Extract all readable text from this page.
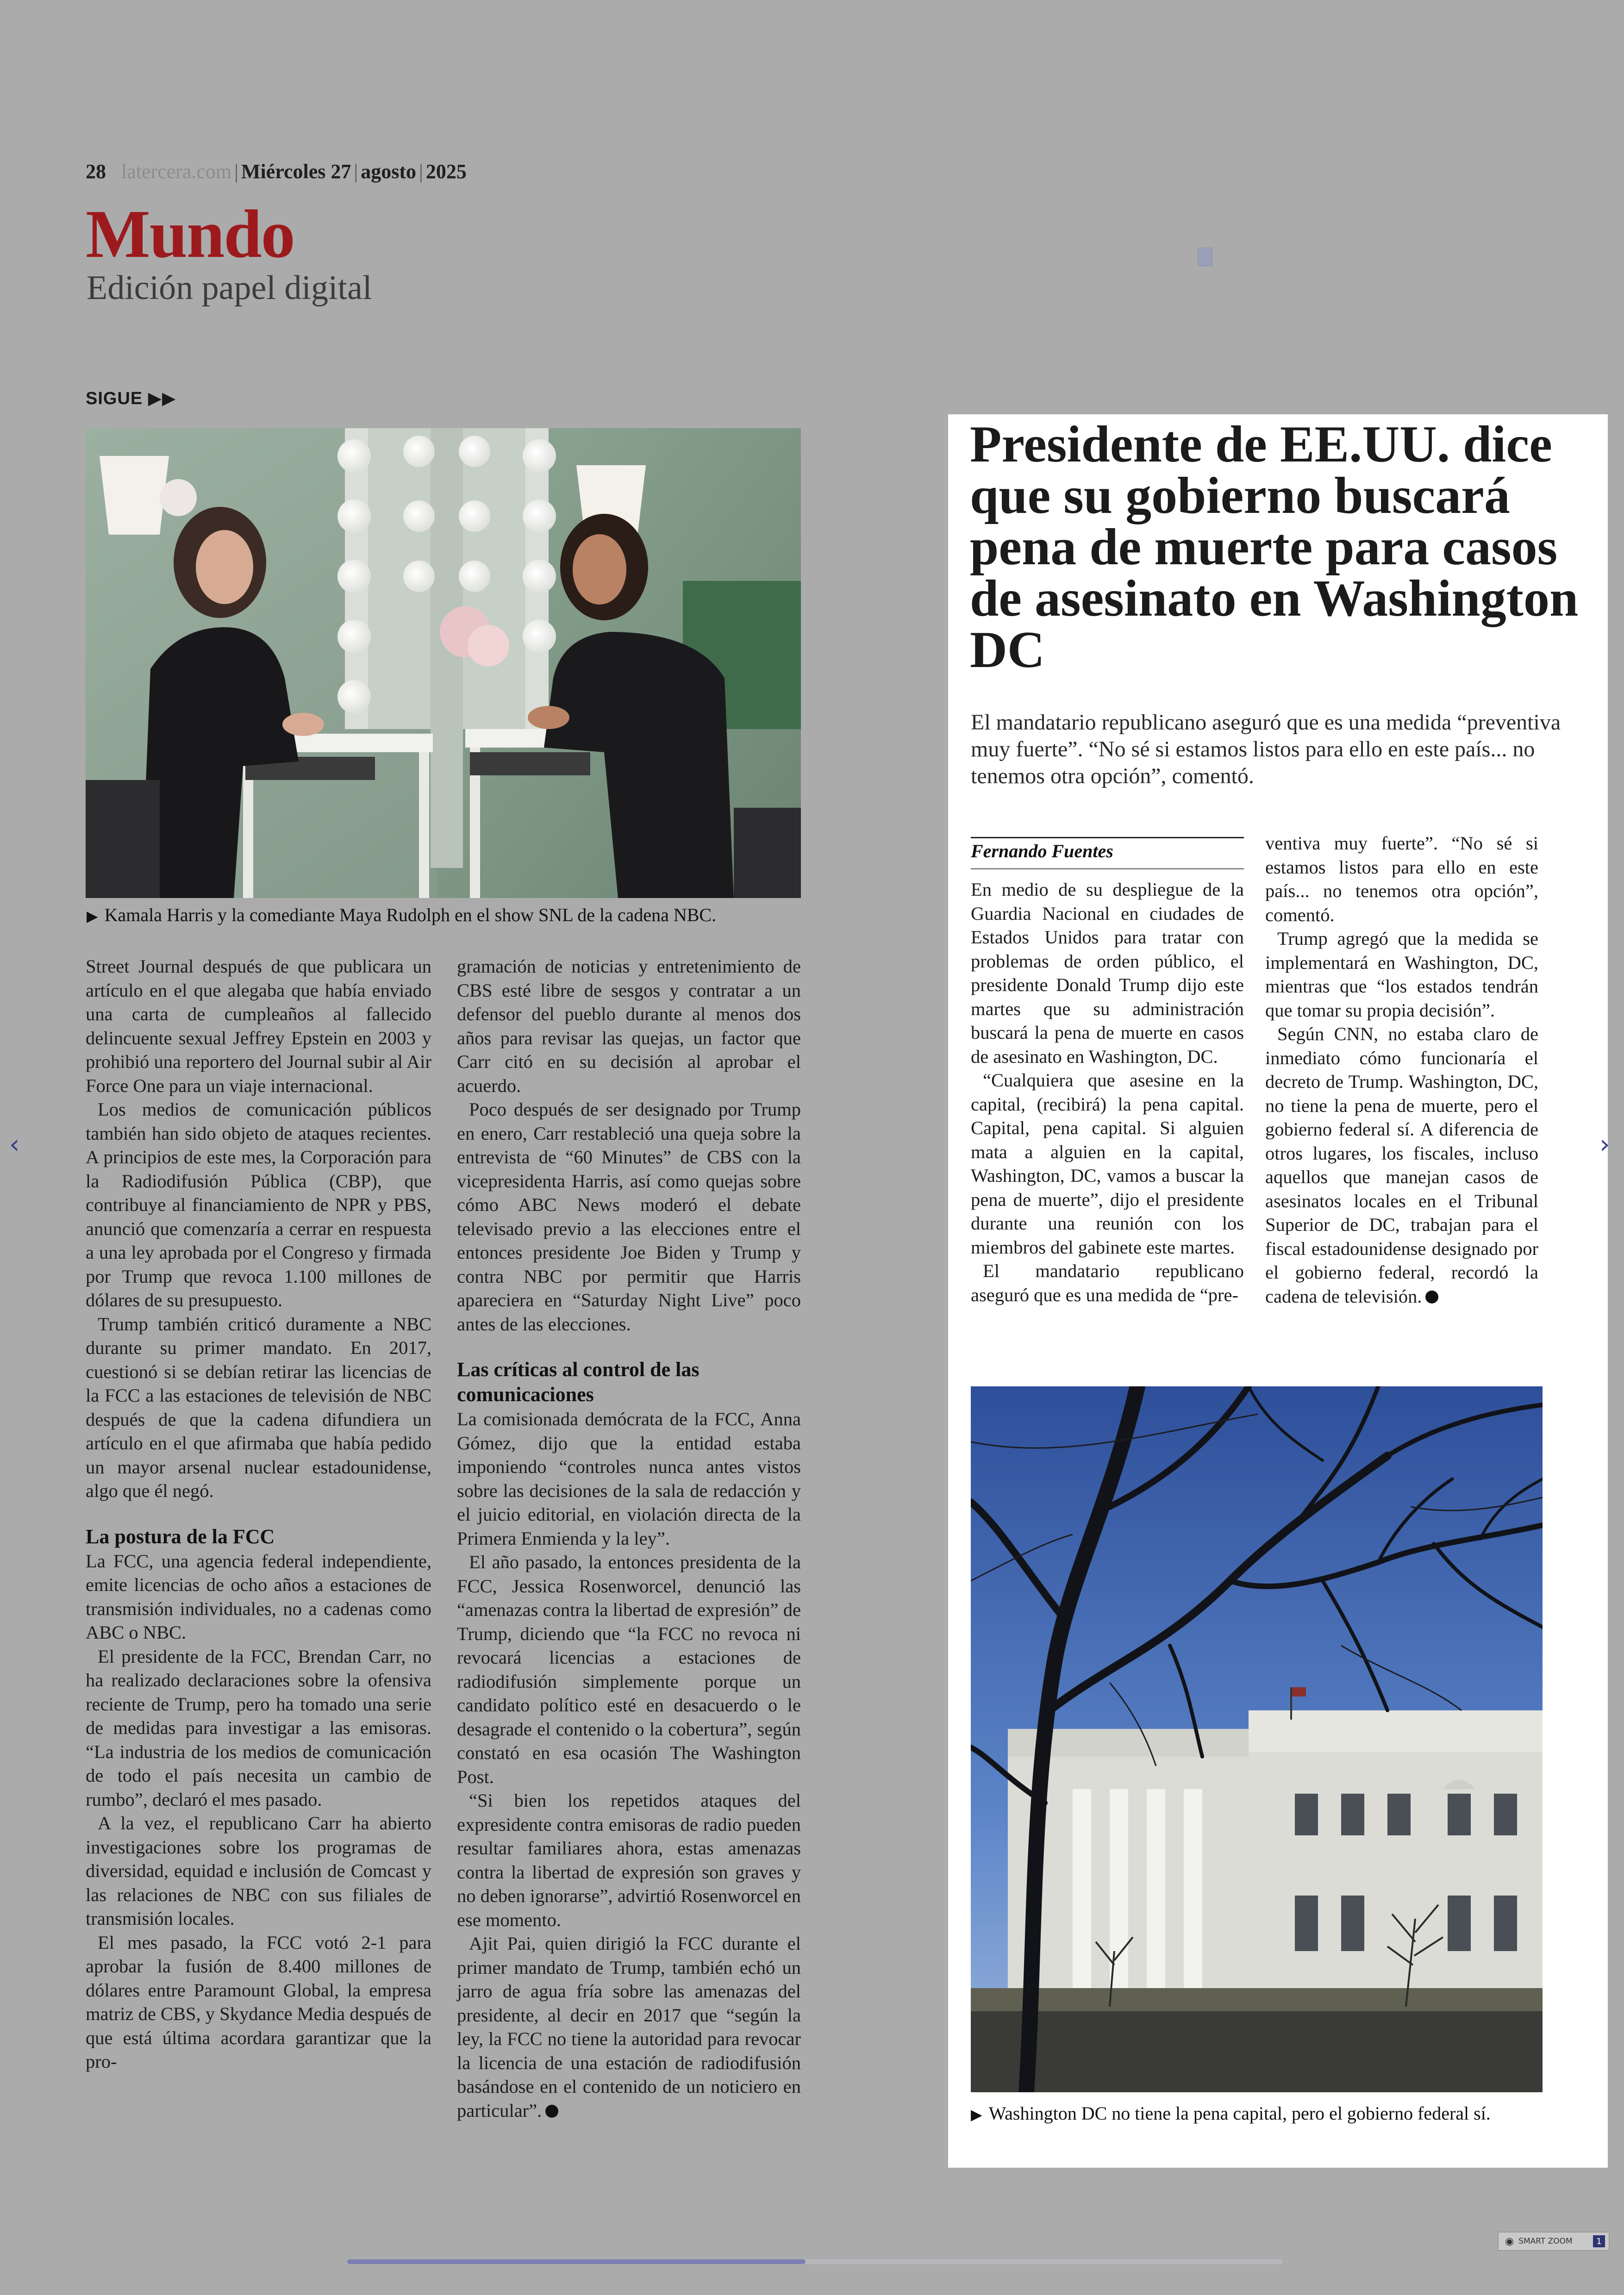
28 latercera.com | Miércoles 27 | agosto | 2025
Mundo
Edición papel digital
SIGUE ▶▶
▶ Kamala Harris y la comediante Maya Rudolph en el show SNL de la cadena NBC.

Street Journal después de que publicara un artículo en el que alegaba que había enviado una carta de cumpleaños al fallecido delincuente sexual Jeffrey Epstein en 2003 y prohibió una reportero del Journal subir al Air Force One para un viaje internacional.

Los medios de comunicación públicos también han sido objeto de ataques recientes. A principios de este mes, la Corporación para la Radiodifusión Pública (CBP), que contribuye al financiamiento de NPR y PBS, anunció que comenzaría a cerrar en respuesta a una ley aprobada por el Congreso y firmada por Trump que revoca 1.100 millones de dólares de su presupuesto.

Trump también criticó duramente a NBC durante su primer mandato. En 2017, cuestionó si se debían retirar las licencias de la FCC a las estaciones de televisión de NBC después de que la cadena difundiera un artículo en el que afirmaba que había pedido un mayor arsenal nuclear estadounidense, algo que él negó.

La postura de la FCC

La FCC, una agencia federal independiente, emite licencias de ocho años a estaciones de transmisión individuales, no a cadenas como ABC o NBC.

El presidente de la FCC, Brendan Carr, no ha realizado declaraciones sobre la ofensiva reciente de Trump, pero ha tomado una serie de medidas para investigar a las emisoras. “La industria de los medios de comunicación de todo el país necesita un cambio de rumbo”, declaró el mes pasado.

A la vez, el republicano Carr ha abierto investigaciones sobre los programas de diversidad, equidad e inclusión de Comcast y las relaciones de NBC con sus filiales de transmisión locales.

El mes pasado, la FCC votó 2-1 para aprobar la fusión de 8.400 millones de dólares entre Paramount Global, la empresa matriz de CBS, y Skydance Media después de que está última acordara garantizar que la pro-

gramación de noticias y entretenimiento de CBS esté libre de sesgos y contratar a un defensor del pueblo durante al menos dos años para revisar las quejas, un factor que Carr citó en su decisión al aprobar el acuerdo.

Poco después de ser designado por Trump en enero, Carr restableció una queja sobre la entrevista de “60 Minutes” de CBS con la vicepresidenta Harris, así como quejas sobre cómo ABC News moderó el debate televisado previo a las elecciones entre el entonces presidente Joe Biden y Trump y contra NBC por permitir que Harris apareciera en “Saturday Night Live” poco antes de las elecciones.

Las críticas al control de las comunicaciones

La comisionada demócrata de la FCC, Anna Gómez, dijo que la entidad estaba imponiendo “controles nunca antes vistos sobre las decisiones de la sala de redacción y el juicio editorial, en violación directa de la Primera Enmienda y la ley”.

El año pasado, la entonces presidenta de la FCC, Jessica Rosenworcel, denunció las “amenazas contra la libertad de expresión” de Trump, diciendo que “la FCC no revoca ni revocará licencias a estaciones de radiodifusión simplemente porque un candidato político esté en desacuerdo o le desagrade el contenido o la cobertura”, según constató en esa ocasión The Washington Post.

“Si bien los repetidos ataques del expresidente contra emisoras de radio pueden resultar familiares ahora, estas amenazas contra la libertad de expresión son graves y no deben ignorarse”, advirtió Rosenworcel en ese momento.

Ajit Pai, quien dirigió la FCC durante el primer mandato de Trump, también echó un jarro de agua fría sobre las amenazas del presidente, al decir en 2017 que “según la ley, la FCC no tiene la autoridad para revocar la licencia de una estación de radiodifusión basándose en el contenido de un noticiero en particular”.

Presidente de EE.UU. dice que su gobierno buscará pena de muerte para casos de asesinato en Washington DC
El mandatario republicano aseguró que es una medida “preventiva muy fuerte”. “No sé si estamos listos para ello en este país... no tenemos otra opción”, comentó.
Fernando Fuentes

En medio de su despliegue de la Guardia Nacional en ciudades de Estados Unidos para tratar con problemas de orden público, el presidente Donald Trump dijo este martes que su administración buscará la pena de muerte en casos de asesinato en Washington, DC.

“Cualquiera que asesine en la capital, (recibirá) la pena capital. Capital, pena capital. Si alguien mata a alguien en la capital, Washington, DC, vamos a buscar la pena de muerte”, dijo el presidente durante una reunión con los miembros del gabinete este martes.

El mandatario republicano aseguró que es una medida de “pre-

ventiva muy fuerte”. “No sé si estamos listos para ello en este país... no tenemos otra opción”, comentó.

Trump agregó que la medida se implementará en Washington, DC, mientras que “los estados tendrán que tomar su propia decisión”.

Según CNN, no estaba claro de inmediato cómo funcionaría el decreto de Trump. Washington, DC, no tiene la pena de muerte, pero el gobierno federal sí. A diferencia de otros lugares, los fiscales, incluso aquellos que manejan casos de asesinatos locales en el Tribunal Superior de DC, trabajan para el fiscal estadounidense designado por el gobierno federal, recordó la cadena de televisión.

▶ Washington DC no tiene la pena capital, pero el gobierno federal sí.
‹	›
◉ SMART ZOOM	1
